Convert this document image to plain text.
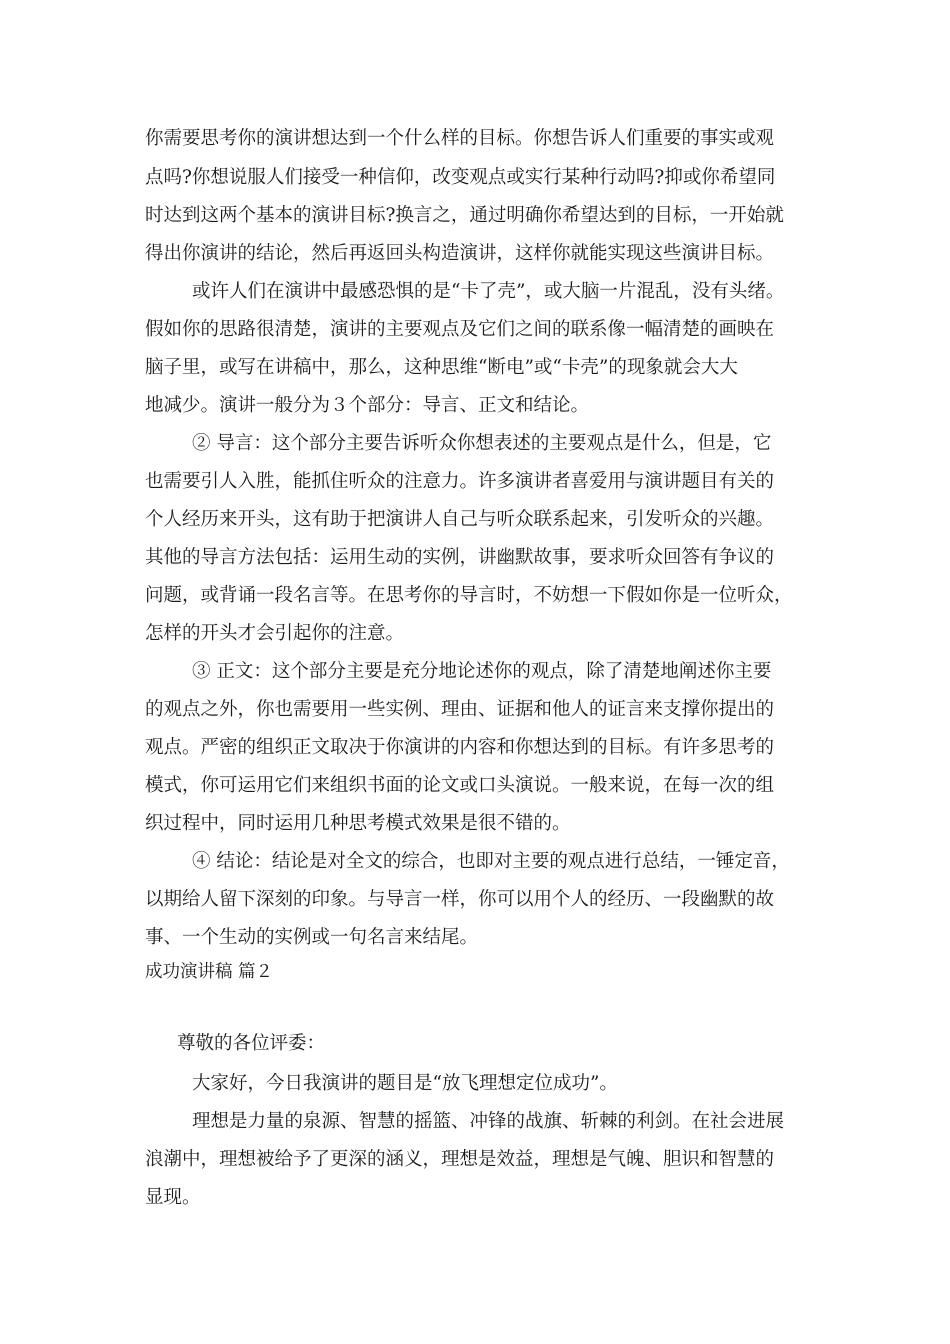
你需要思考你的演讲想达到一个什么样的目标。你想告诉人们重要的事实或观

点吗?你想说服人们接受一种信仰，改变观点或实行某种行动吗?抑或你希望同

时达到这两个基本的演讲目标?换言之，通过明确你希望达到的目标，一开始就

得出你演讲的结论，然后再返回头构造演讲，这样你就能实现这些演讲目标。

或许人们在演讲中最感恐惧的是“卡了壳”，或大脑一片混乱，没有头绪。

假如你的思路很清楚，演讲的主要观点及它们之间的联系像一幅清楚的画映在

脑子里，或写在讲稿中，那么，这种思维“断电”或“卡壳”的现象就会大大

地减少。演讲一般分为３个部分：导言、正文和结论。

② 导言：这个部分主要告诉听众你想表述的主要观点是什么，但是，它

也需要引人入胜，能抓住听众的注意力。许多演讲者喜爱用与演讲题目有关的

个人经历来开头，这有助于把演讲人自己与听众联系起来，引发听众的兴趣。

其他的导言方法包括：运用生动的实例，讲幽默故事，要求听众回答有争议的

问题，或背诵一段名言等。在思考你的导言时，不妨想一下假如你是一位听众，

怎样的开头才会引起你的注意。

③ 正文：这个部分主要是充分地论述你的观点，除了清楚地阐述你主要

的观点之外，你也需要用一些实例、理由、证据和他人的证言来支撑你提出的

观点。严密的组织正文取决于你演讲的内容和你想达到的目标。有许多思考的

模式，你可运用它们来组织书面的论文或口头演说。一般来说，在每一次的组

织过程中，同时运用几种思考模式效果是很不错的。

④ 结论：结论是对全文的综合，也即对主要的观点进行总结，一锤定音，

以期给人留下深刻的印象。与导言一样，你可以用个人的经历、一段幽默的故

事、一个生动的实例或一句名言来结尾。

成功演讲稿 篇２

尊敬的各位评委：

大家好，今日我演讲的题目是“放飞理想定位成功”。

理想是力量的泉源、智慧的摇篮、冲锋的战旗、斩棘的利剑。在社会进展

浪潮中，理想被给予了更深的涵义，理想是效益，理想是气魄、胆识和智慧的

显现。
